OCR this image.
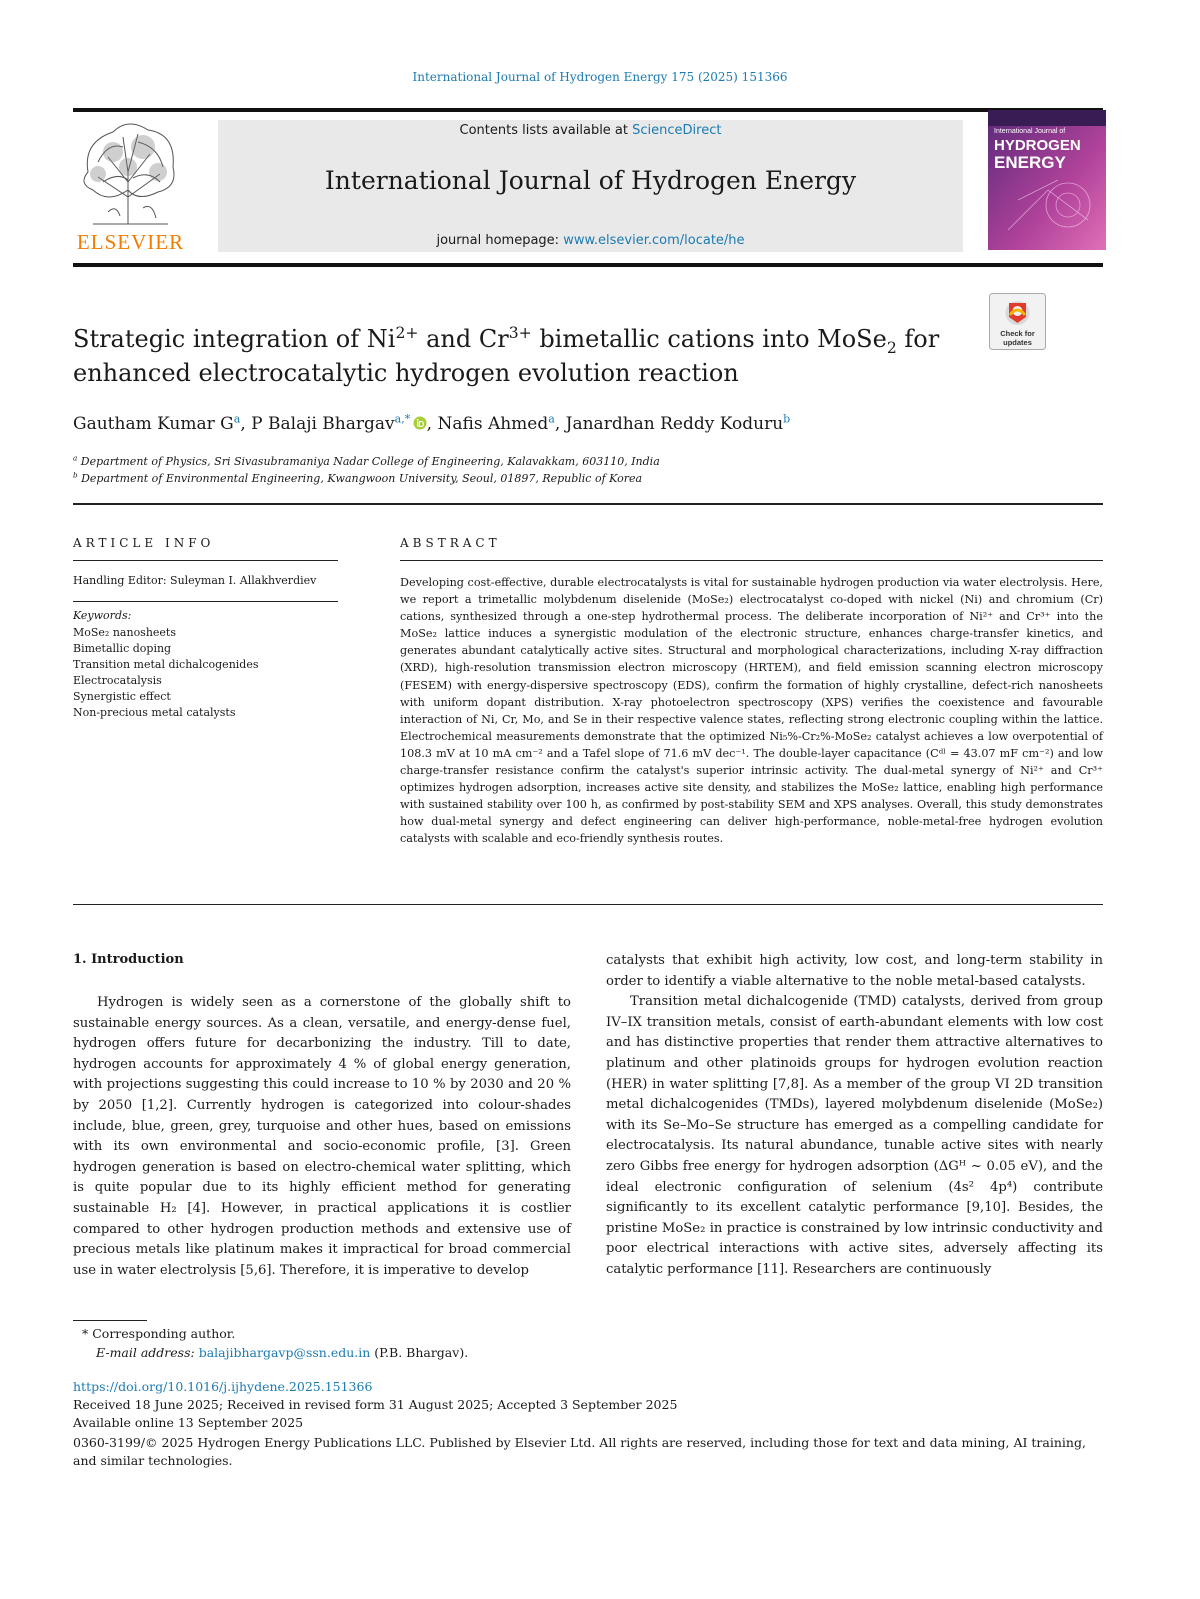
International Journal of Hydrogen Energy 175 (2025) 151366
ELSEVIER
Contents lists available at ScienceDirect
International Journal of Hydrogen Energy
journal homepage: www.elsevier.com/locate/he
International Journal of
HYDROGEN
ENERGY
Check for updates
Strategic integration of $Ni^{2+}$ and $Cr^{3+}$ bimetallic cations into MoSe$_2$ for
enhanced electrocatalytic hydrogen evolution reaction
Gautham Kumar $G^a$, P Balaji Bhargav$^{a,*}$ , Nafis Ahmed$^a$, Janardhan Reddy Koduru$^b$
$^a$ Department of Physics, Sri Sivasubramaniya Nadar College of Engineering, Kalavakkam, 603110, India
$^b$ Department of Environmental Engineering, Kwangwoon University, Seoul, 01897, Republic of Korea
ARTICLE INFO
Handling Editor: Suleyman I. Allakhverdiev
Keywords:
MoSe₂ nanosheets
Bimetallic doping
Transition metal dichalcogenides
Electrocatalysis
Synergistic effect
Non-precious metal catalysts
ABSTRACT
Developing cost-effective, durable electrocatalysts is vital for sustainable hydrogen production via water electrolysis. Here, we report a trimetallic molybdenum diselenide (MoSe₂) electrocatalyst co-doped with nickel (Ni) and chromium (Cr) cations, synthesized through a one-step hydrothermal process. The deliberate incorporation of Ni²⁺ and Cr³⁺ into the MoSe₂ lattice induces a synergistic modulation of the electronic structure, enhances charge-transfer kinetics, and generates abundant catalytically active sites. Structural and morphological characterizations, including X-ray diffraction (XRD), high-resolution transmission electron microscopy (HRTEM), and field emission scanning electron microscopy (FESEM) with energy-dispersive spectroscopy (EDS), confirm the formation of highly crystalline, defect-rich nanosheets with uniform dopant distribution. X-ray photoelectron spectroscopy (XPS) verifies the coexistence and favourable interaction of Ni, Cr, Mo, and Se in their respective valence states, reflecting strong electronic coupling within the lattice. Electrochemical measurements demonstrate that the optimized Ni₅%-Cr₂%-MoSe₂ catalyst achieves a low overpotential of 108.3 mV at 10 mA cm⁻² and a Tafel slope of 71.6 mV dec⁻¹. The double-layer capacitance (Cᵈˡ = 43.07 mF cm⁻²) and low charge-transfer resistance confirm the catalyst's superior intrinsic activity. The dual-metal synergy of Ni²⁺ and Cr³⁺ optimizes hydrogen adsorption, increases active site density, and stabilizes the MoSe₂ lattice, enabling high performance with sustained stability over 100 h, as confirmed by post-stability SEM and XPS analyses. Overall, this study demonstrates how dual-metal synergy and defect engineering can deliver high-performance, noble-metal-free hydrogen evolution catalysts with scalable and eco-friendly synthesis routes.
1. Introduction

Hydrogen is widely seen as a cornerstone of the globally shift to sustainable energy sources. As a clean, versatile, and energy-dense fuel, hydrogen offers future for decarbonizing the industry. Till to date, hydrogen accounts for approximately 4 % of global energy generation, with projections suggesting this could increase to 10 % by 2030 and 20 % by 2050 [1,2]. Currently hydrogen is categorized into colour-shades include, blue, green, grey, turquoise and other hues, based on emissions with its own environmental and socio-economic profile, [3]. Green hydrogen generation is based on electro-chemical water splitting, which is quite popular due to its highly efficient method for generating sustainable H₂ [4]. However, in practical applications it is costlier compared to other hydrogen production methods and extensive use of precious metals like platinum makes it impractical for broad commercial use in water electrolysis [5,6]. Therefore, it is imperative to develop

catalysts that exhibit high activity, low cost, and long-term stability in order to identify a viable alternative to the noble metal-based catalysts.

Transition metal dichalcogenide (TMD) catalysts, derived from group IV–IX transition metals, consist of earth-abundant elements with low cost and has distinctive properties that render them attractive alternatives to platinum and other platinoids groups for hydrogen evolution reaction (HER) in water splitting [7,8]. As a member of the group VI 2D transition metal dichalcogenides (TMDs), layered molybdenum diselenide (MoSe₂) with its Se–Mo–Se structure has emerged as a compelling candidate for electrocatalysis. Its natural abundance, tunable active sites with nearly zero Gibbs free energy for hydrogen adsorption (ΔGᴴ ~ 0.05 eV), and the ideal electronic configuration of selenium (4s² 4p⁴) contribute significantly to its excellent catalytic performance [9,10]. Besides, the pristine MoSe₂ in practice is constrained by low intrinsic conductivity and poor electrical interactions with active sites, adversely affecting its catalytic performance [11]. Researchers are continuously

* Corresponding author.
E-mail address: balajibhargavp@ssn.edu.in (P.B. Bhargav).
https://doi.org/10.1016/j.ijhydene.2025.151366
Received 18 June 2025; Received in revised form 31 August 2025; Accepted 3 September 2025
Available online 13 September 2025
0360-3199/© 2025 Hydrogen Energy Publications LLC. Published by Elsevier Ltd. All rights are reserved, including those for text and data mining, AI training, and similar technologies.
